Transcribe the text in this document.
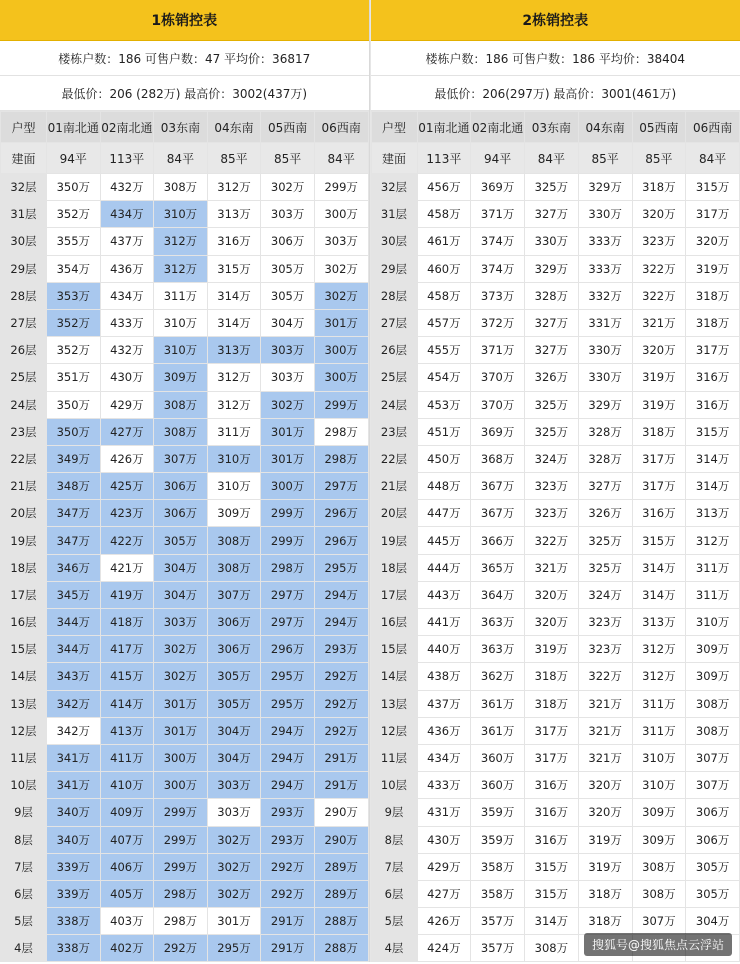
1栋销控表
楼栋户数：186 可售户数：47 平均价：36817
最低价：206 (282万) 最高价：3002(437万)
户型	01南北通	02南北通	03东南	04东南	05西南	06西南
建面	94平	113平	84平	85平	85平	84平
32层	350万	432万	308万	312万	302万	299万
31层	352万	434万	310万	313万	303万	300万
30层	355万	437万	312万	316万	306万	303万
29层	354万	436万	312万	315万	305万	302万
28层	353万	434万	311万	314万	305万	302万
27层	352万	433万	310万	314万	304万	301万
26层	352万	432万	310万	313万	303万	300万
25层	351万	430万	309万	312万	303万	300万
24层	350万	429万	308万	312万	302万	299万
23层	350万	427万	308万	311万	301万	298万
22层	349万	426万	307万	310万	301万	298万
21层	348万	425万	306万	310万	300万	297万
20层	347万	423万	306万	309万	299万	296万
19层	347万	422万	305万	308万	299万	296万
18层	346万	421万	304万	308万	298万	295万
17层	345万	419万	304万	307万	297万	294万
16层	344万	418万	303万	306万	297万	294万
15层	344万	417万	302万	306万	296万	293万
14层	343万	415万	302万	305万	295万	292万
13层	342万	414万	301万	305万	295万	292万
12层	342万	413万	301万	304万	294万	292万
11层	341万	411万	300万	304万	294万	291万
10层	341万	410万	300万	303万	294万	291万
9层	340万	409万	299万	303万	293万	290万
8层	340万	407万	299万	302万	293万	290万
7层	339万	406万	299万	302万	292万	289万
6层	339万	405万	298万	302万	292万	289万
5层	338万	403万	298万	301万	291万	288万
4层	338万	402万	292万	295万	291万	288万
2栋销控表
楼栋户数：186 可售户数：186 平均价：38404
最低价：206(297万) 最高价：3001(461万)
户型	01南北通	02南北通	03东南	04东南	05西南	06西南
建面	113平	94平	84平	85平	85平	84平
32层	456万	369万	325万	329万	318万	315万
31层	458万	371万	327万	330万	320万	317万
30层	461万	374万	330万	333万	323万	320万
29层	460万	374万	329万	333万	322万	319万
28层	458万	373万	328万	332万	322万	318万
27层	457万	372万	327万	331万	321万	318万
26层	455万	371万	327万	330万	320万	317万
25层	454万	370万	326万	330万	319万	316万
24层	453万	370万	325万	329万	319万	316万
23层	451万	369万	325万	328万	318万	315万
22层	450万	368万	324万	328万	317万	314万
21层	448万	367万	323万	327万	317万	314万
20层	447万	367万	323万	326万	316万	313万
19层	445万	366万	322万	325万	315万	312万
18层	444万	365万	321万	325万	314万	311万
17层	443万	364万	320万	324万	314万	311万
16层	441万	363万	320万	323万	313万	310万
15层	440万	363万	319万	323万	312万	309万
14层	438万	362万	318万	322万	312万	309万
13层	437万	361万	318万	321万	311万	308万
12层	436万	361万	317万	321万	311万	308万
11层	434万	360万	317万	321万	310万	307万
10层	433万	360万	316万	320万	310万	307万
9层	431万	359万	316万	320万	309万	306万
8层	430万	359万	316万	319万	309万	306万
7层	429万	358万	315万	319万	308万	305万
6层	427万	358万	315万	318万	308万	305万
5层	426万	357万	314万	318万	307万	304万
4层	424万	357万	308万				搜狐号@搜狐焦点云浮站
